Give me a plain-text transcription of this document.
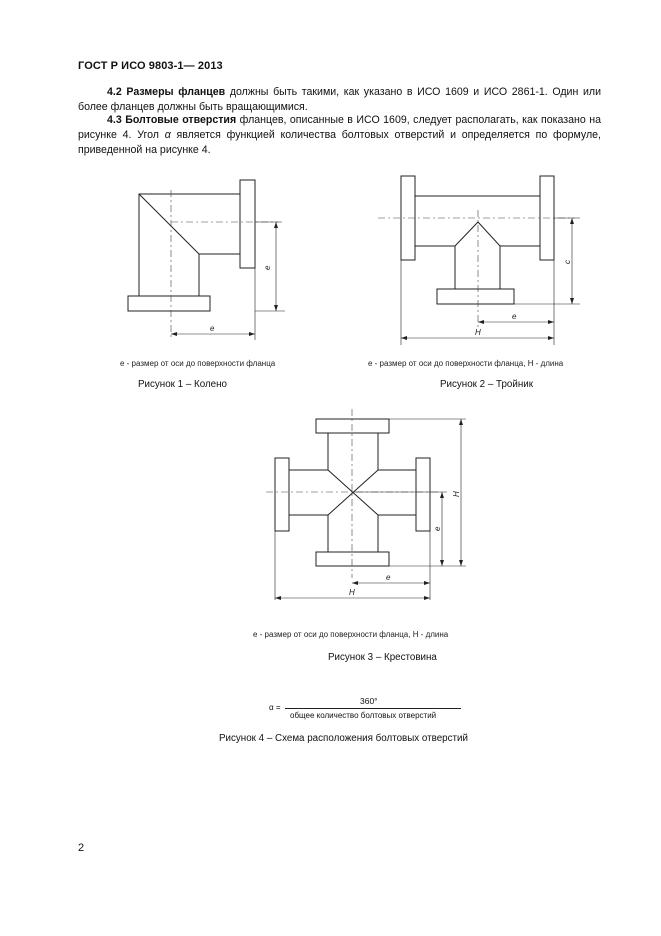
ГОСТ Р ИСО 9803-1— 2013
4.2 Размеры фланцев должны быть такими, как указано в ИСО 1609 и ИСО 2861-1. Один или более фланцев должны быть вращающимися.
4.3 Болтовые отверстия фланцев, описанные в ИСО 1609, следует располагать, как показано на рисунке 4. Угол α является функцией количества болтовых отверстий и определяется по формуле, приведенной на рисунке 4.
e
e
е - размер от оси до поверхности фланца
Рисунок 1 – Колено
c
e
H
е - размер от оси до поверхности фланца, Н - длина
Рисунок 2 – Тройник
H
e
e
H
е - размер от оси до поверхности фланца, Н - длина
Рисунок 3 – Крестовина
α =
360°
общее количество болтовых отверстий
Рисунок 4 – Схема расположения болтовых отверстий
2
